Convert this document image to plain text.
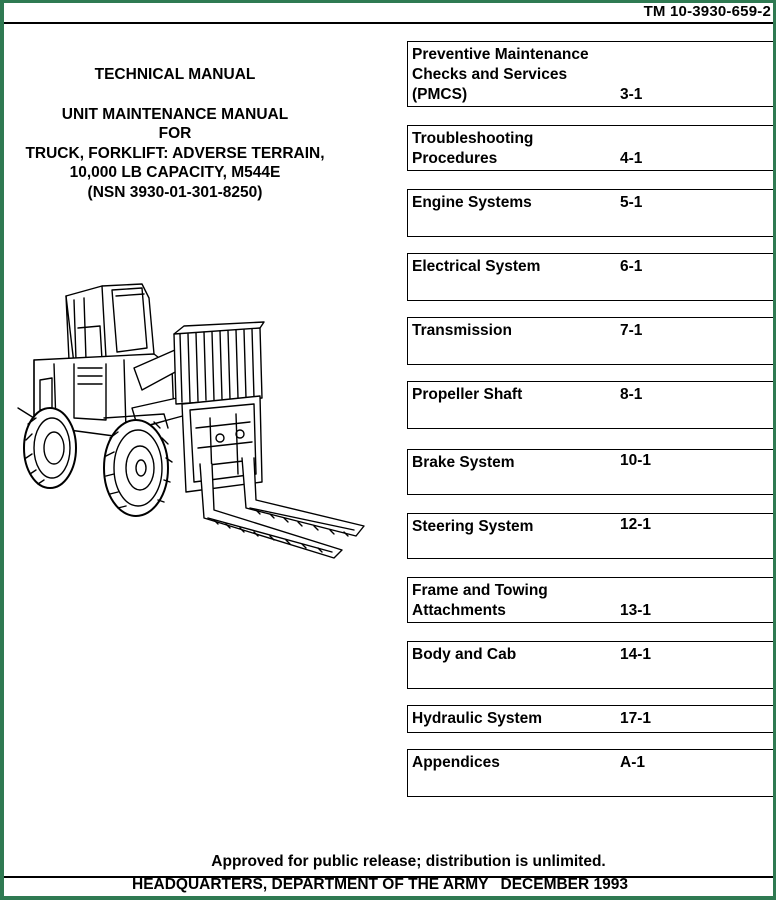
TM 10-3930-659-2
TECHNICAL MANUAL
UNIT MAINTENANCE MANUAL
FOR
TRUCK, FORKLIFT: ADVERSE TERRAIN,
10,000 LB CAPACITY, M544E
(NSN 3930-01-301-8250)
Preventive Maintenance
Checks and Services
(PMCS)	3-1
Troubleshooting
Procedures	4-1
Engine Systems	5-1
Electrical System	6-1
Transmission	7-1
Propeller Shaft	8-1
Brake System	10-1
Steering System	12-1
Frame and Towing
Attachments	13-1
Body and Cab	14-1
Hydraulic System	17-1
Appendices	A-1
Approved for public release; distribution is unlimited.
HEADQUARTERS, DEPARTMENT OF THE ARMY DECEMBER 1993
